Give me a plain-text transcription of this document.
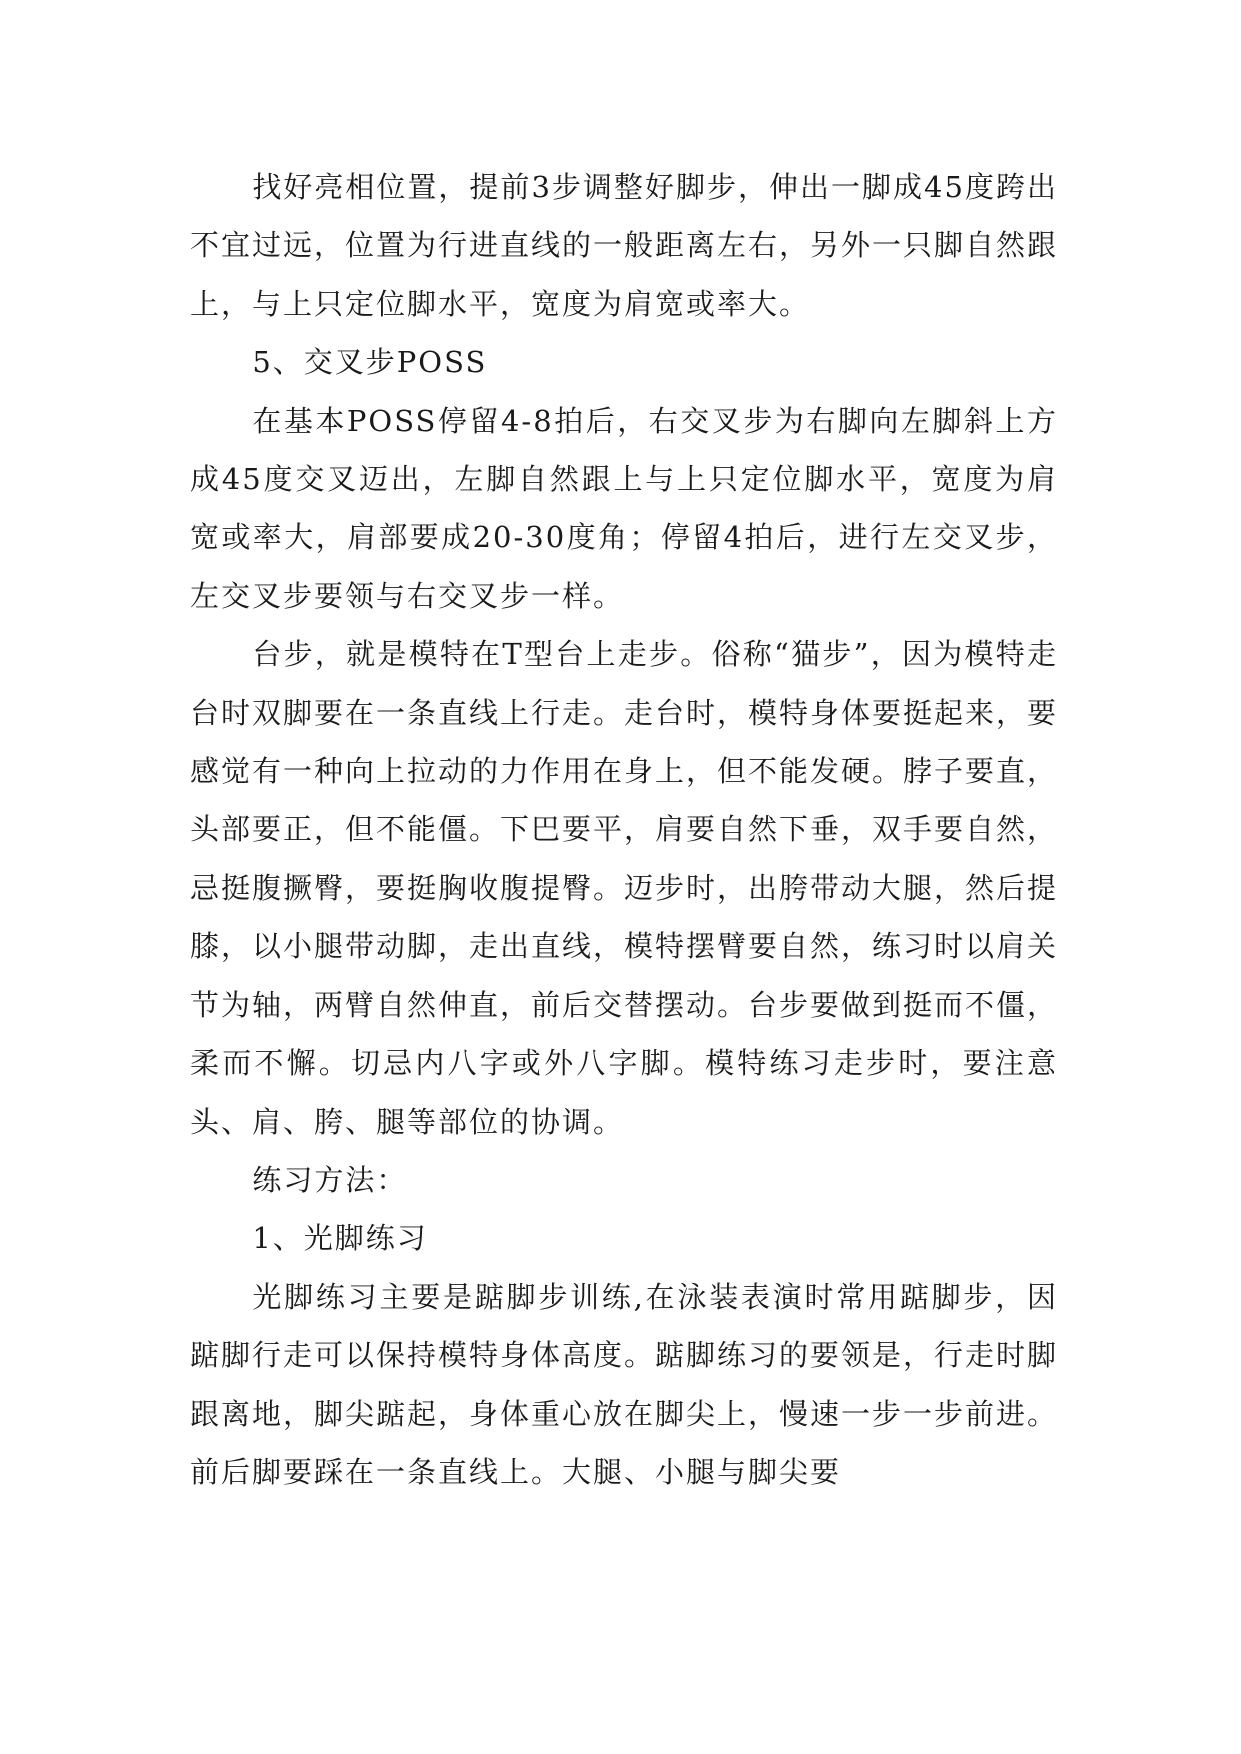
找好亮相位置，提前3步调整好脚步，伸出一脚成45度跨出不宜过远，位置为行进直线的一般距离左右，另外一只脚自然跟上，与上只定位脚水平，宽度为肩宽或率大。

5、交叉步POSS

在基本POSS停留4-8拍后，右交叉步为右脚向左脚斜上方成45度交叉迈出，左脚自然跟上与上只定位脚水平，宽度为肩宽或率大，肩部要成20-30度角；停留4拍后，进行左交叉步，左交叉步要领与右交叉步一样。

台步，就是模特在T型台上走步。俗称“猫步”，因为模特走台时双脚要在一条直线上行走。走台时，模特身体要挺起来，要感觉有一种向上拉动的力作用在身上，但不能发硬。脖子要直，头部要正，但不能僵。下巴要平，肩要自然下垂，双手要自然，忌挺腹撅臀，要挺胸收腹提臀。迈步时，出胯带动大腿，然后提膝，以小腿带动脚，走出直线，模特摆臂要自然，练习时以肩关节为轴，两臂自然伸直，前后交替摆动。台步要做到挺而不僵，柔而不懈。切忌内八字或外八字脚。模特练习走步时，要注意头、肩、胯、腿等部位的协调。

练习方法：

1、光脚练习

光脚练习主要是踮脚步训练,在泳装表演时常用踮脚步，因踮脚行走可以保持模特身体高度。踮脚练习的要领是，行走时脚跟离地，脚尖踮起，身体重心放在脚尖上，慢速一步一步前进。前后脚要踩在一条直线上。大腿、小腿与脚尖要
